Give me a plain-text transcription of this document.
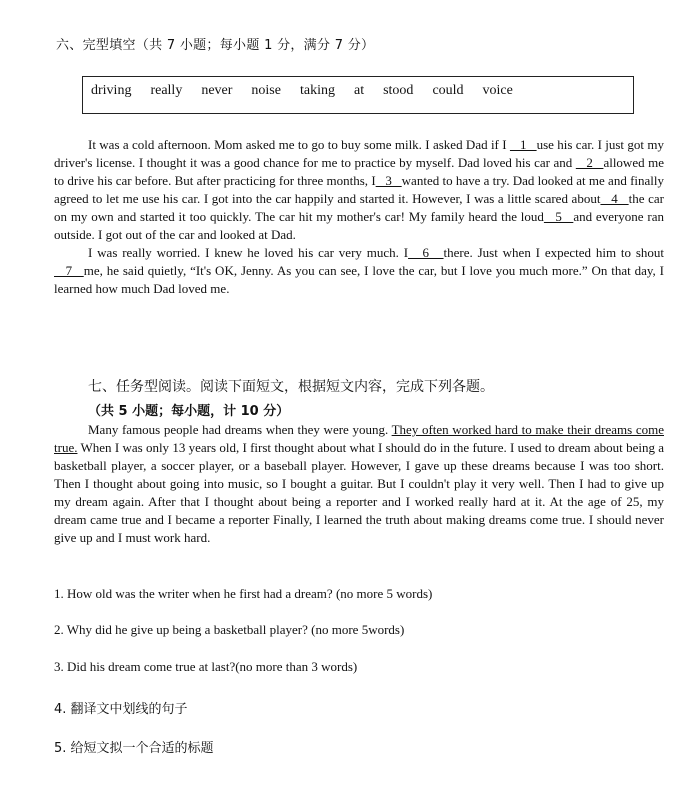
六、完型填空（共 7 小题；每小题 1 分，满分 7 分）
driving really never noise taking at stood could voice

It was a cold afternoon. Mom asked me to go to buy some milk. I asked Dad if I    1   use his car. I just got my driver's license. I thought it was a good chance for me to practice by myself. Dad loved his car and    2   allowed me to drive his car before. But after practicing for three months, I   3   wanted to have a try. Dad looked at me and finally agreed to let me use his car. I got into the car happily and started it. However, I was a little scared about   4   the car on my own and started it too quickly. The car hit my mother's car! My family heard the loud   5   and everyone ran outside. I got out of the car and looked at Dad.

I was really worried. I knew he loved his car very much. I   6   there. Just when I expected him to shout   7   me, he said quietly, “It's OK, Jenny. As you can see, I love the car, but I love you much more.” On that day, I learned how much Dad loved me.

七、任务型阅读。阅读下面短文，根据短文内容，完成下列各题。
（共 5 小题；每小题，计 10 分）

Many famous people had dreams when they were young. They often worked hard to make their dreams come true. When I was only 13 years old, I first thought about what I should do in the future. I used to dream about being a basketball player, a soccer player, or a baseball player. However, I gave up these dreams because I was too short. Then I thought about going into music, so I bought a guitar. But I couldn't play it very well. Then I had to give up my dream again. After that I thought about being a reporter and I worked really hard at it. At the age of 25, my dream came true and I became a reporter Finally, I learned the truth about making dreams come true. I should never give up and I must work hard.

1. How old was the writer when he first had a dream? (no more 5 words)
2. Why did he give up being a basketball player? (no more 5words)
3. Did his dream come true at last?(no more than 3 words)
4. 翻译文中划线的句子
5. 给短文拟一个合适的标题
